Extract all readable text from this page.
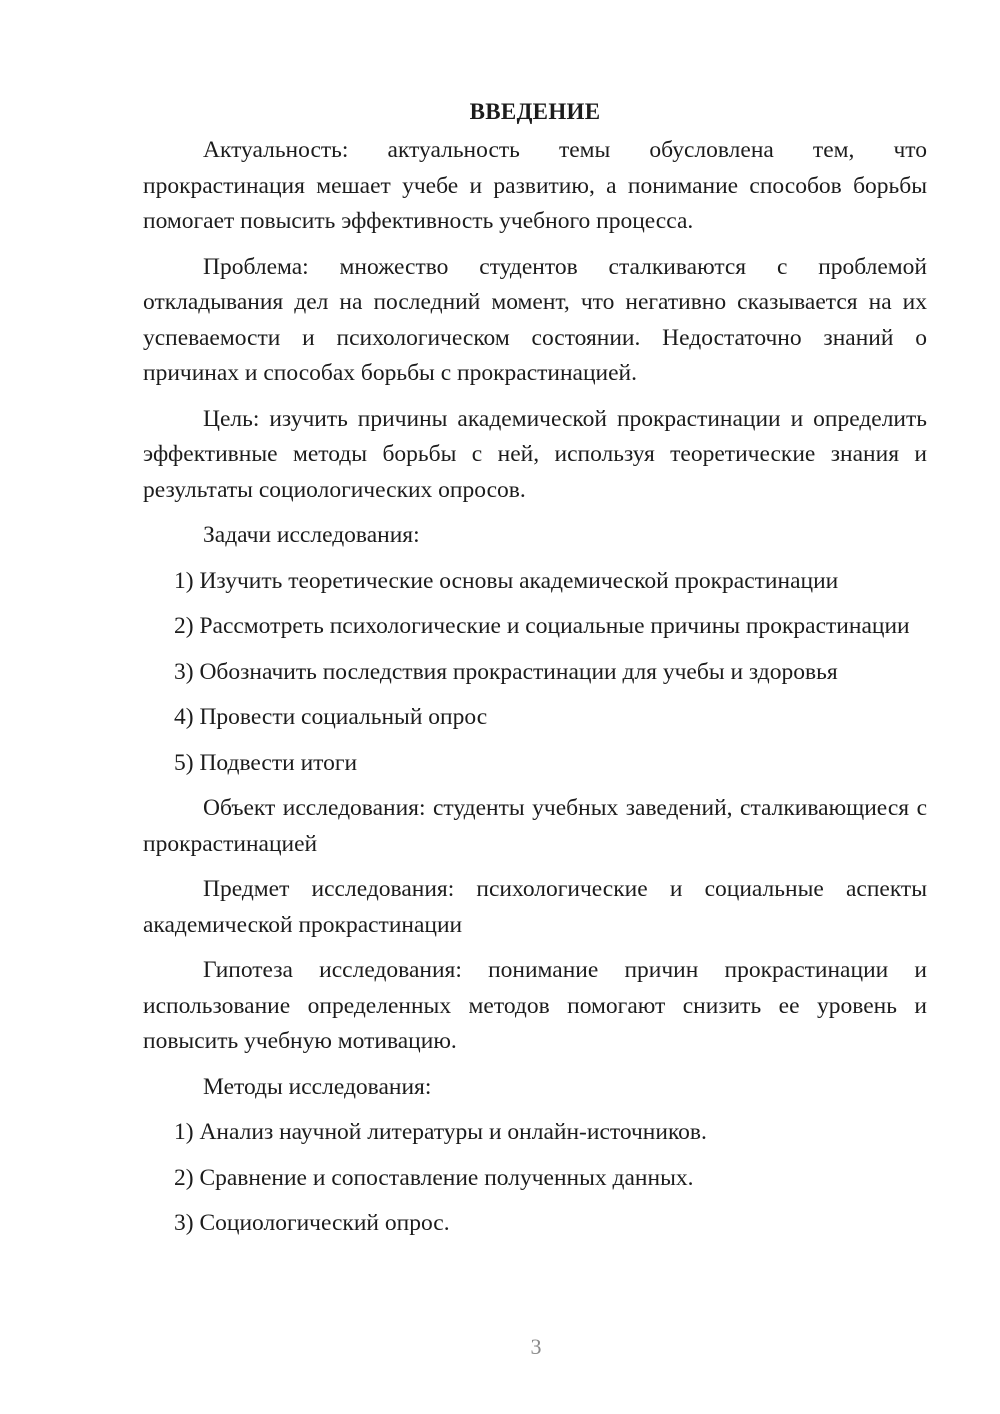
ВВЕДЕНИЕ

Актуальность: актуальность темы обусловлена тем, что прокрастинация мешает учебе и развитию, а понимание способов борьбы помогает повысить эффективность учебного процесса.

Проблема: множество студентов сталкиваются с проблемой откладывания дел на последний момент, что негативно сказывается на их успеваемости и психологическом состоянии. Недостаточно знаний о причинах и способах борьбы с прокрастинацией.

Цель: изучить причины академической прокрастинации и определить эффективные методы борьбы с ней, используя теоретические знания и результаты социологических опросов.

Задачи исследования:

1) Изучить теоретические основы академической прокрастинации

2) Рассмотреть психологические и социальные причины прокрастинации

3) Обозначить последствия прокрастинации для учебы и здоровья

4) Провести социальный опрос

5) Подвести итоги

Объект исследования: студенты учебных заведений, сталкивающиеся с прокрастинацией

Предмет исследования: психологические и социальные аспекты академической прокрастинации

Гипотеза исследования: понимание причин прокрастинации и использование определенных методов помогают снизить ее уровень и повысить учебную мотивацию.

Методы исследования:

1) Анализ научной литературы и онлайн-источников.

2) Сравнение и сопоставление полученных данных.

3) Социологический опрос.

3
